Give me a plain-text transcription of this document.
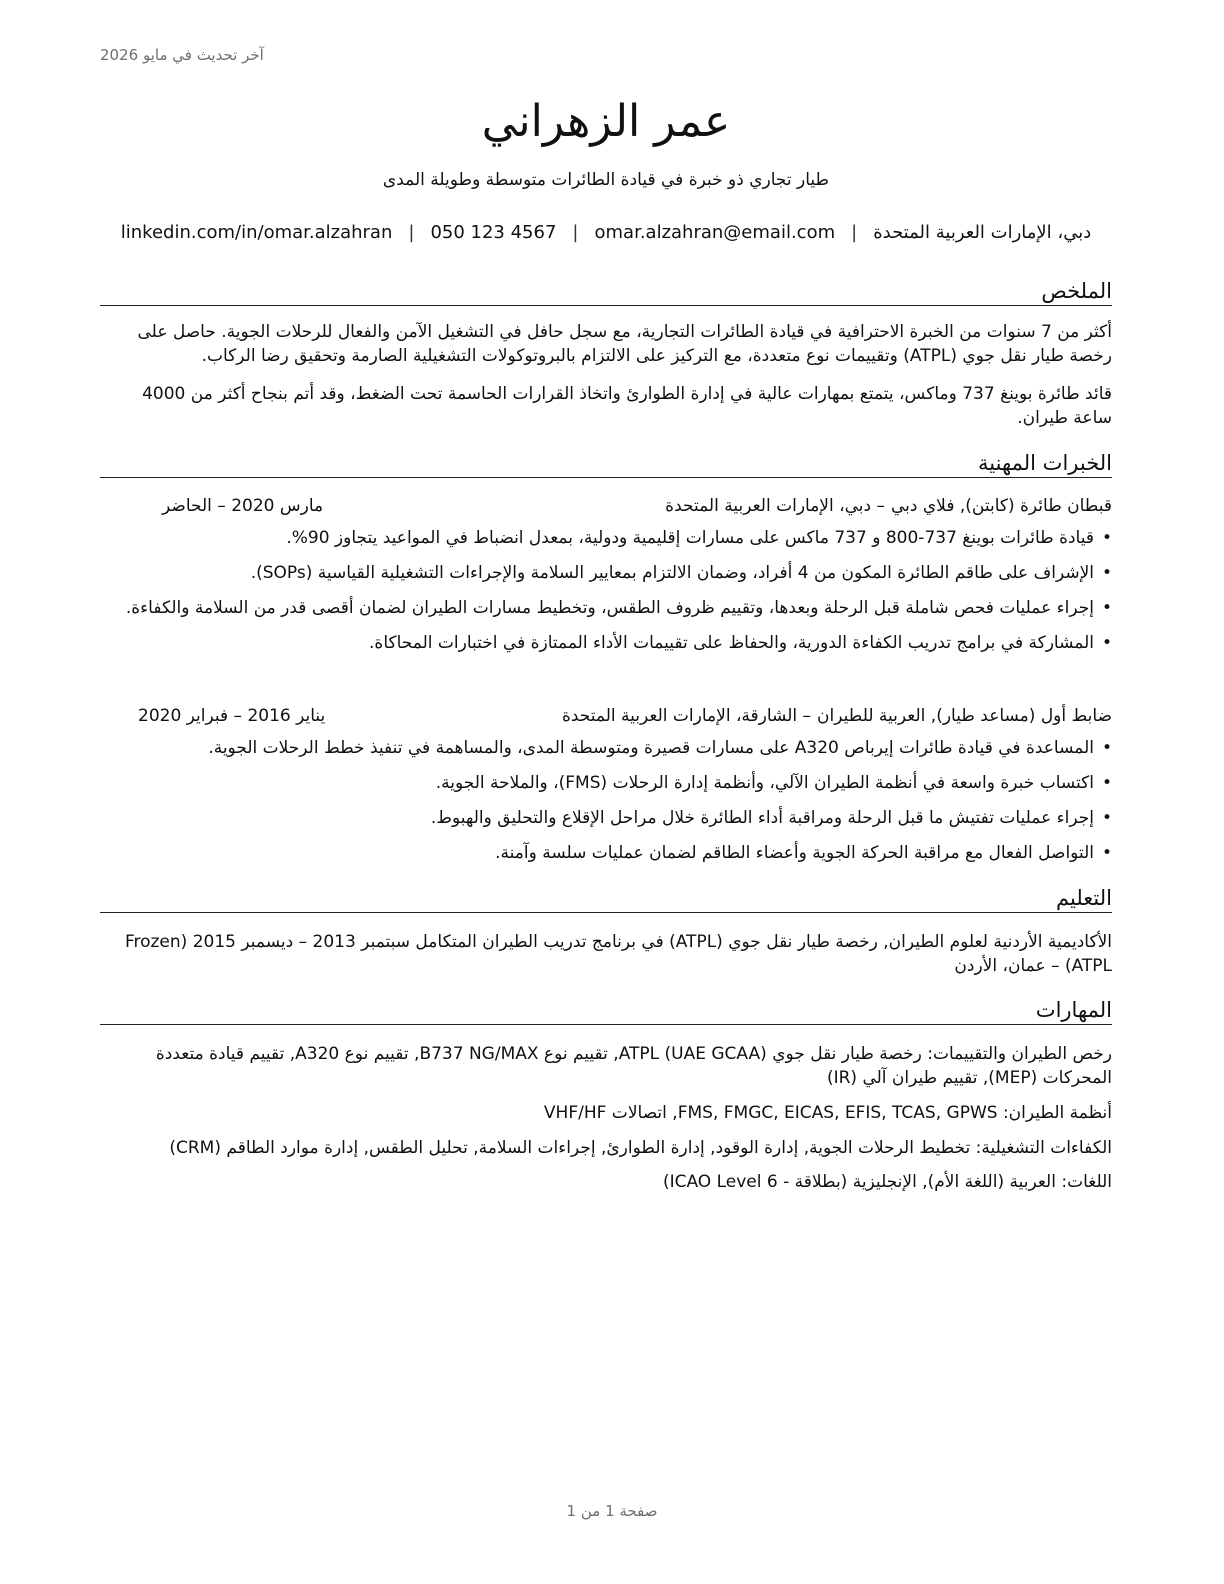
آخر تحديث في مايو 2026
عمر الزهراني
طيار تجاري ذو خبرة في قيادة الطائرات متوسطة وطويلة المدى
دبي، الإمارات العربية المتحدة
|
omar.alzahran@email.com
|
050 123 4567
|
linkedin.com/in/omar.alzahran
الملخص

أكثر من 7 سنوات من الخبرة الاحترافية في قيادة الطائرات التجارية، مع سجل حافل في التشغيل الآمن والفعال للرحلات الجوية. حاصل على رخصة طيار نقل جوي (ATPL) وتقييمات نوع متعددة، مع التركيز على الالتزام بالبروتوكولات التشغيلية الصارمة وتحقيق رضا الركاب.

قائد طائرة بوينغ 737 وماكس، يتمتع بمهارات عالية في إدارة الطوارئ واتخاذ القرارات الحاسمة تحت الضغط، وقد أتم بنجاح أكثر من 4000 ساعة طيران.

الخبرات المهنية
قبطان طائرة (كابتن), فلاي دبي
– دبي، الإمارات العربية المتحدة
مارس 2020 – الحاضر
• قيادة طائرات بوينغ 737-800 و 737 ماكس على مسارات إقليمية ودولية، بمعدل انضباط في المواعيد يتجاوز 90%.
• الإشراف على طاقم الطائرة المكون من 4 أفراد، وضمان الالتزام بمعايير السلامة والإجراءات التشغيلية القياسية (SOPs).
• إجراء عمليات فحص شاملة قبل الرحلة وبعدها، وتقييم ظروف الطقس، وتخطيط مسارات الطيران لضمان أقصى قدر من السلامة والكفاءة.
• المشاركة في برامج تدريب الكفاءة الدورية، والحفاظ على تقييمات الأداء الممتازة في اختبارات المحاكاة.
ضابط أول (مساعد طيار), العربية للطيران
– الشارقة، الإمارات العربية المتحدة
يناير 2016 – فبراير 2020
• المساعدة في قيادة طائرات إيرباص A320 على مسارات قصيرة ومتوسطة المدى، والمساهمة في تنفيذ خطط الرحلات الجوية.
• اكتساب خبرة واسعة في أنظمة الطيران الآلي، وأنظمة إدارة الرحلات (FMS)، والملاحة الجوية.
• إجراء عمليات تفتيش ما قبل الرحلة ومراقبة أداء الطائرة خلال مراحل الإقلاع والتحليق والهبوط.
• التواصل الفعال مع مراقبة الحركة الجوية وأعضاء الطاقم لضمان عمليات سلسة وآمنة.
التعليم

الأكاديمية الأردنية لعلوم الطيران, رخصة طيار نقل جوي (ATPL) في برنامج تدريب الطيران المتكامل سبتمبر 2013 – ديسمبر 2015 (Frozen ATPL) – عمان، الأردن

المهارات

رخص الطيران والتقييمات: رخصة طيار نقل جوي (ATPL (UAE GCAA, تقييم نوع B737 NG/MAX, تقييم نوع A320, تقييم قيادة متعددة المحركات (MEP), تقييم طيران آلي (IR)

أنظمة الطيران: FMS, FMGC, EICAS, EFIS, TCAS, GPWS, اتصالات VHF/HF

الكفاءات التشغيلية: تخطيط الرحلات الجوية, إدارة الوقود, إدارة الطوارئ, إجراءات السلامة, تحليل الطقس, إدارة موارد الطاقم (CRM)

اللغات: العربية (اللغة الأم), الإنجليزية (بطلاقة - ICAO Level 6)

صفحة 1 من 1
